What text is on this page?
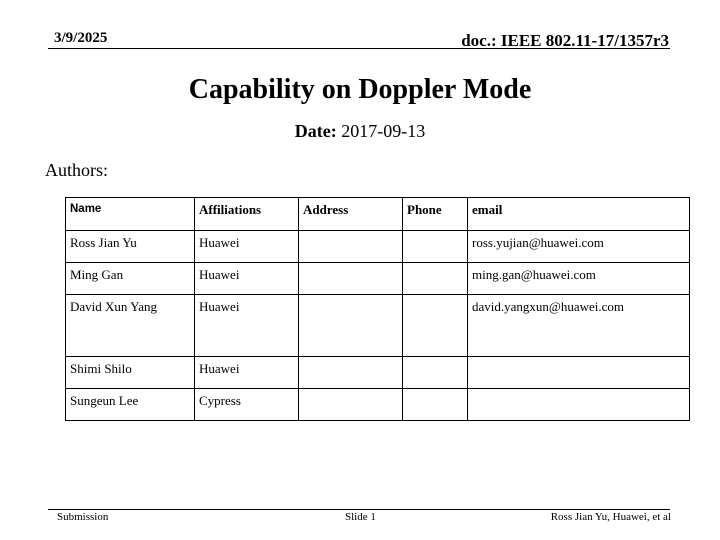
3/9/2025	doc.: IEEE 802.11-17/1357r3
Capability on Doppler Mode
Date: 2017-09-13
Authors:
Name	Affiliations	Address	Phone	email
Ross Jian Yu	Huawei			ross.yujian@huawei.com
Ming Gan	Huawei			ming.gan@huawei.com
David Xun Yang	Huawei			david.yangxun@huawei.com
Shimi Shilo	Huawei			
Sungeun Lee	Cypress			
Submission	Slide 1	Ross Jian Yu, Huawei, et al
